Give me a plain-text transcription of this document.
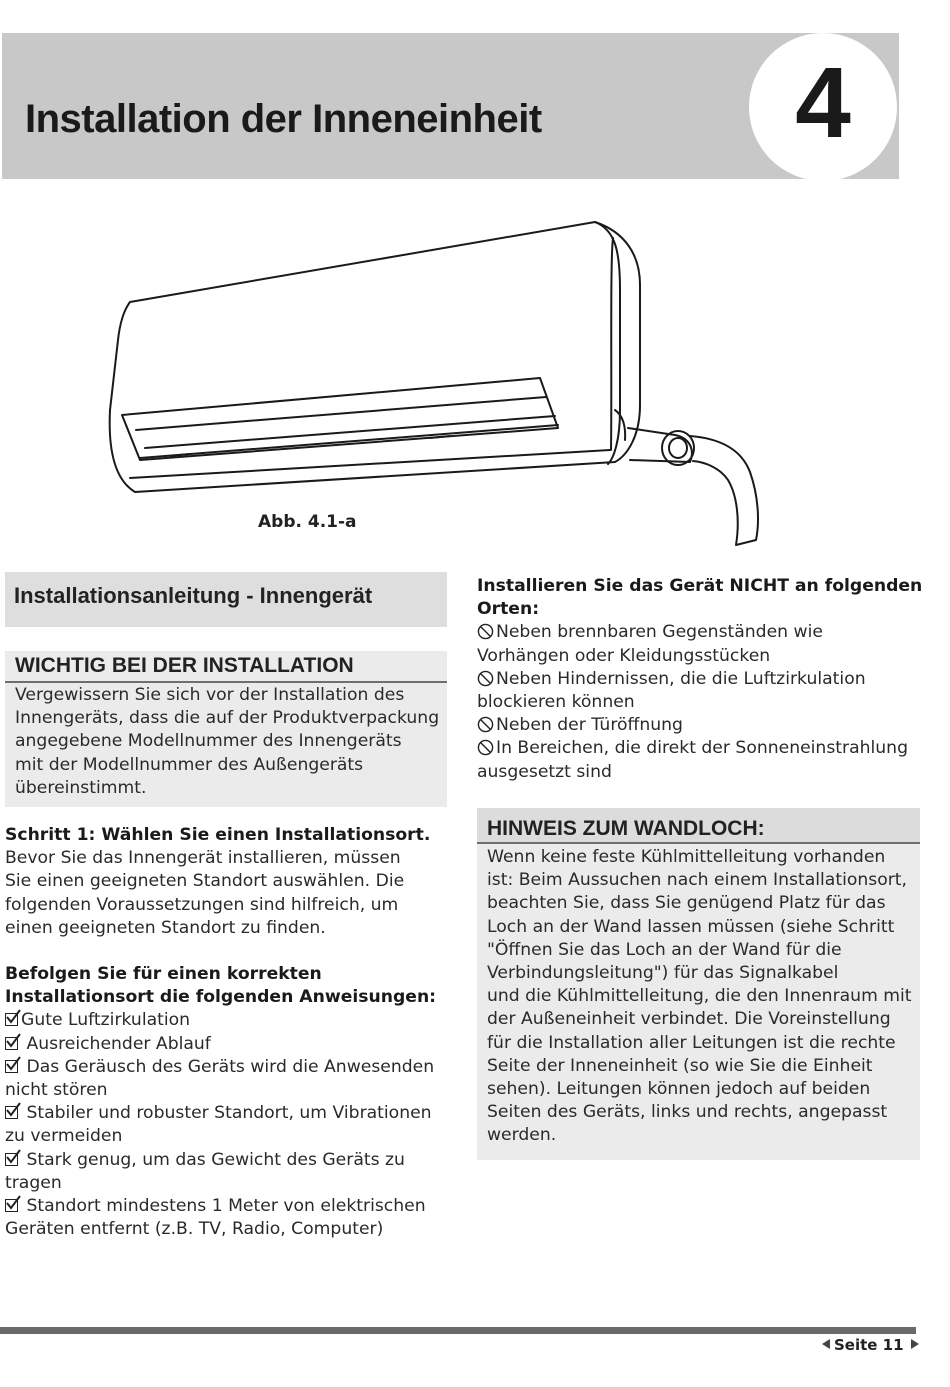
Installation der Inneneinheit	4

Abb. 4.1-a

Installationsanleitung - Innengerät
WICHTIG BEI DER INSTALLATION

Vergewissern Sie sich vor der Installation des
Innengeräts, dass die auf der Produktverpackung
angegebene Modellnummer des Innengeräts
mit der Modellnummer des Außengeräts
übereinstimmt.

Schritt 1: Wählen Sie einen Installationsort.
Bevor Sie das Innengerät installieren, müssen
Sie einen geeigneten Standort auswählen. Die
folgenden Voraussetzungen sind hilfreich, um
einen geeigneten Standort zu finden.

Befolgen Sie für einen korrekten
Installationsort die folgenden Anweisungen:
Gute Luftzirkulation
Ausreichender Ablauf
Das Geräusch des Geräts wird die Anwesenden
nicht stören
Stabiler und robuster Standort, um Vibrationen
zu vermeiden
Stark genug, um das Gewicht des Geräts zu
tragen
Standort mindestens 1 Meter von elektrischen
Geräten entfernt (z.B. TV, Radio, Computer)

Installieren Sie das Gerät NICHT an folgenden
Orten:
Neben brennbaren Gegenständen wie
Vorhängen oder Kleidungsstücken
Neben Hindernissen, die die Luftzirkulation
blockieren können
Neben der Türöffnung
In Bereichen, die direkt der Sonneneinstrahlung
ausgesetzt sind

HINWEIS ZUM WANDLOCH:

Wenn keine feste Kühlmittelleitung vorhanden
ist: Beim Aussuchen nach einem Installationsort,
beachten Sie, dass Sie genügend Platz für das
Loch an der Wand lassen müssen (siehe Schritt
"Öffnen Sie das Loch an der Wand für die
Verbindungsleitung") für das Signalkabel
und die Kühlmittelleitung, die den Innenraum mit
der Außeneinheit verbindet. Die Voreinstellung
für die Installation aller Leitungen ist die rechte
Seite der Inneneinheit (so wie Sie die Einheit
sehen). Leitungen können jedoch auf beiden
Seiten des Geräts, links und rechts, angepasst
werden.

Seite 11
